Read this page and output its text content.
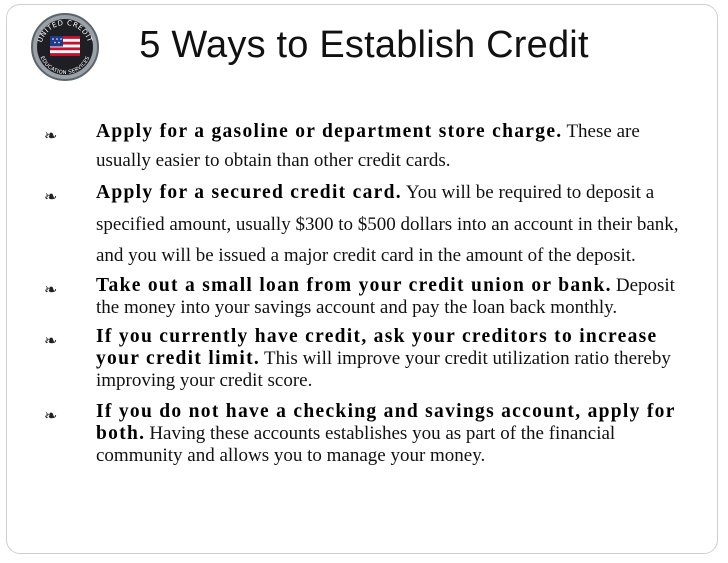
UNITED CREDIT
EDUCATION SERVICES	5 Ways to Establish Credit
❧ Apply for a gasoline or department store charge. These are usually easier to obtain than other credit cards.
❧ Apply for a secured credit card. You will be required to deposit a specified amount, usually $300 to $500 dollars into an account in their bank, and you will be issued a major credit card in the amount of the deposit.
❧ Take out a small loan from your credit union or bank. Deposit the money into your savings account and pay the loan back monthly.
❧ If you currently have credit, ask your creditors to increase your credit limit. This will improve your credit utilization ratio thereby improving your credit score.
❧ If you do not have a checking and savings account, apply for both. Having these accounts establishes you as part of the financial community and allows you to manage your money.
